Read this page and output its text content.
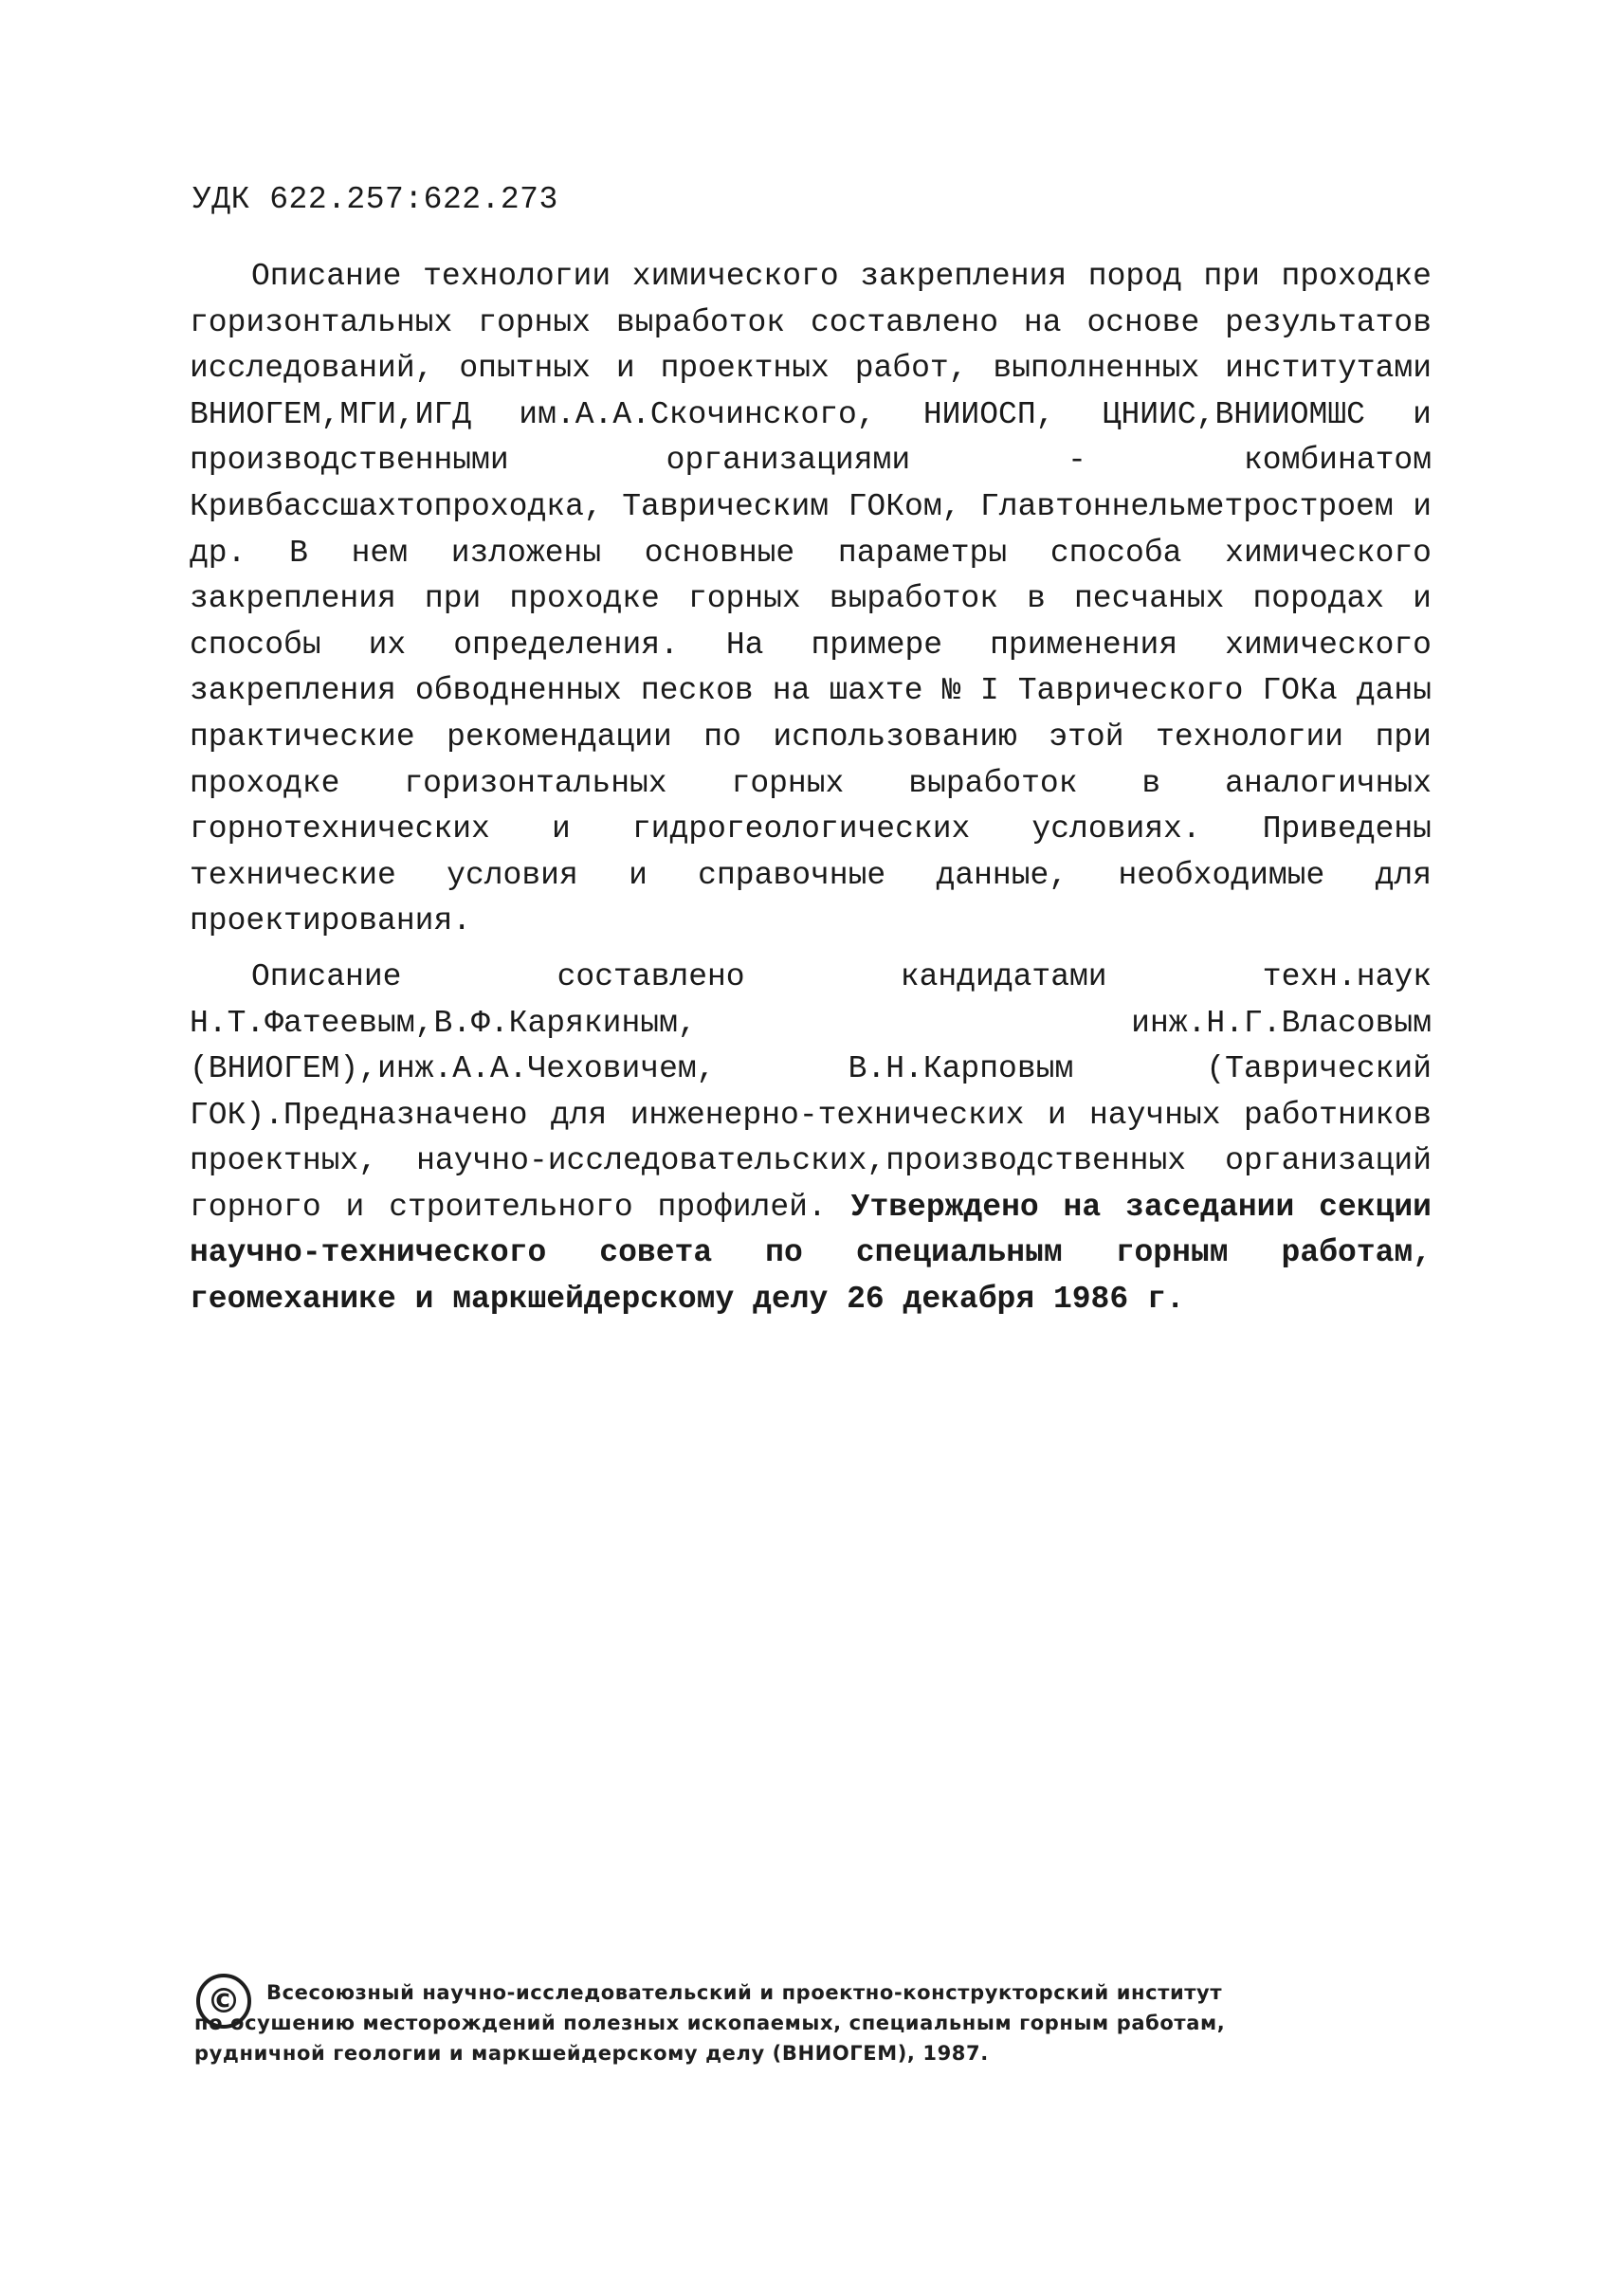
УДК 622.257:622.273

Описание технологии химического закрепления пород при проходке горизонтальных горных выработок составлено на основе результатов исследований, опытных и проектных работ, выполненных институтами ВНИОГЕМ,МГИ,ИГД им.А.А.Скочинского, НИИОСП, ЦНИИС,ВНИИОМШС и производственными организациями - комбинатом Кривбассшахтопроходка, Таврическим ГОКом, Главтоннельметрострoем и др. В нем изложены основные параметры способа химического закрепления при проходке горных выработок в песчаных породах и способы их определения. На примере применения химического закрепления обводненных песков на шахте № I Таврического ГОКа даны практические рекомендации по использованию этой технологии при проходке горизонтальных горных выработок в аналогичных горнотехнических и гидрогеологических условиях. Приведены технические условия и справочные данные, необходимые для проектирования.

Описание составлено кандидатами техн.наук Н.Т.Фатеевым,В.Ф.Карякиным, инж.Н.Г.Власовым (ВНИОГЕМ),инж.А.А.Чеховичем, В.Н.Карповым (Таврический ГОК).Предназначено для инженерно-технических и научных работников проектных, научно-исследовательских,производственных организаций горного и строительного профилей. Утверждено на заседании секции научно-технического совета по специальным горным работам, геомеханике и маркшейдерскому делу 26 декабря 1986 г.

© Всесоюзный научно-исследовательский и проектно-конструкторский институт
по осушению месторождений полезных ископаемых, специальным горным работам,
рудничной геологии и маркшейдерскому делу (ВНИОГЕМ), 1987.
